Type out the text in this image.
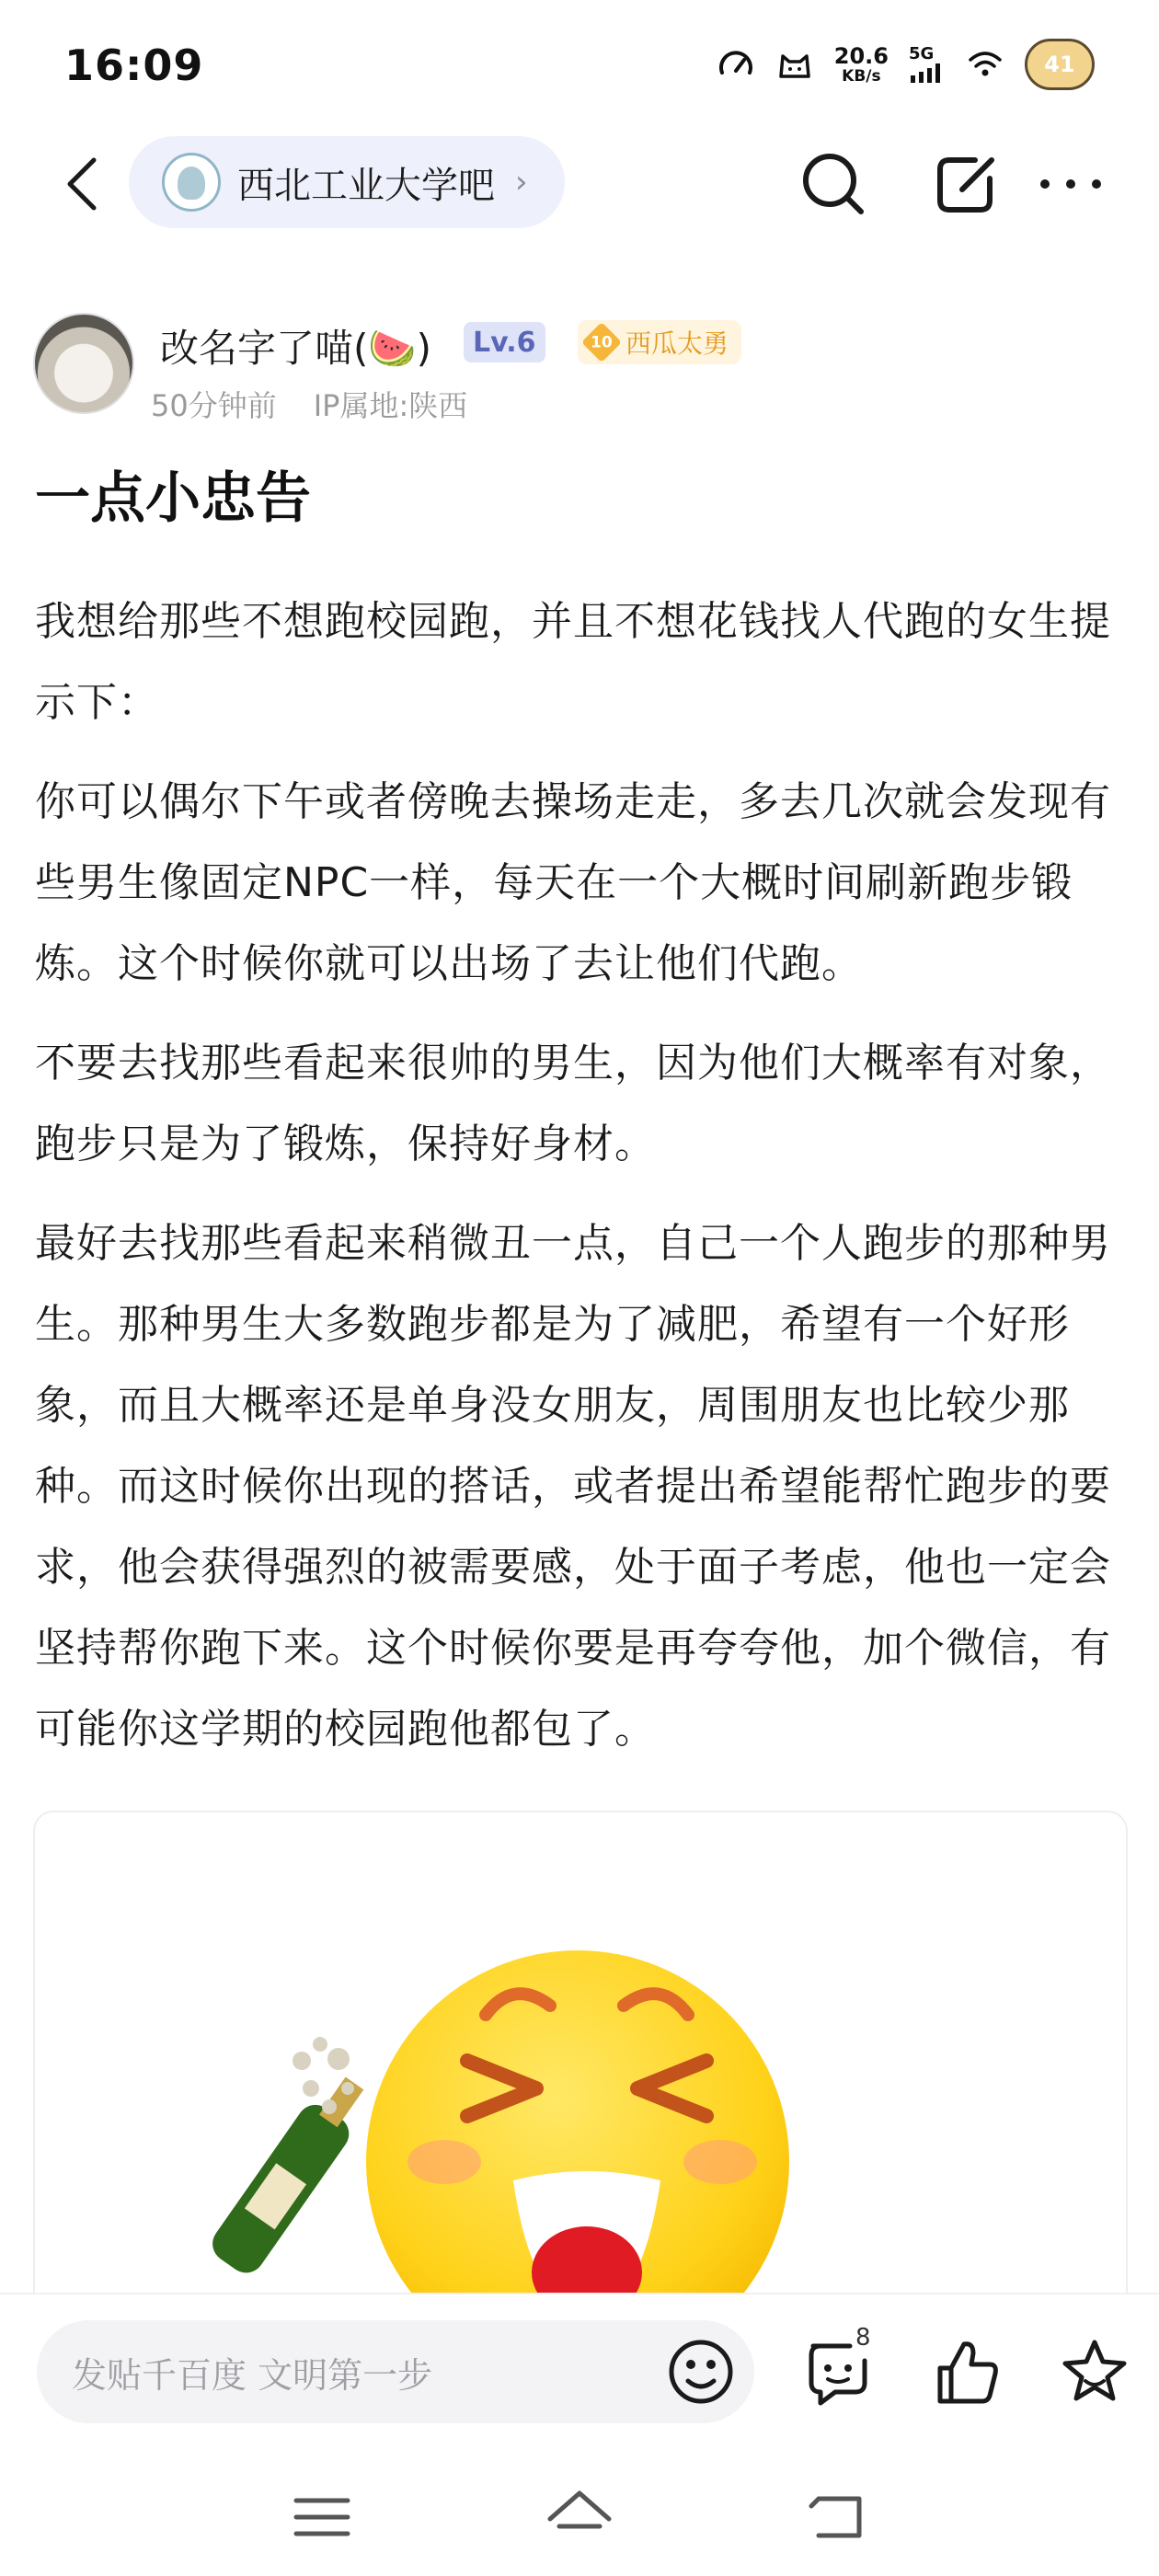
16:09	20.6
KB/s
5G	41
西北工业大学吧 ›
改名字了喵(🍉)	Lv.6	10 西瓜太勇
50分钟前 IP属地:陕西
一点小忠告

我想给那些不想跑校园跑，并且不想花钱找人代跑的女生提示下：

你可以偶尔下午或者傍晚去操场走走，多去几次就会发现有些男生像固定NPC一样，每天在一个大概时间刷新跑步锻炼。这个时候你就可以出场了去让他们代跑。

不要去找那些看起来很帅的男生，因为他们大概率有对象，跑步只是为了锻炼，保持好身材。

最好去找那些看起来稍微丑一点，自己一个人跑步的那种男生。那种男生大多数跑步都是为了减肥，希望有一个好形象，而且大概率还是单身没女朋友，周围朋友也比较少那种。而这时候你出现的搭话，或者提出希望能帮忙跑步的要求，他会获得强烈的被需要感，处于面子考虑，他也一定会坚持帮你跑下来。这个时候你要是再夸夸他，加个微信，有可能你这学期的校园跑他都包了。

发贴千百度 文明第一步
8
